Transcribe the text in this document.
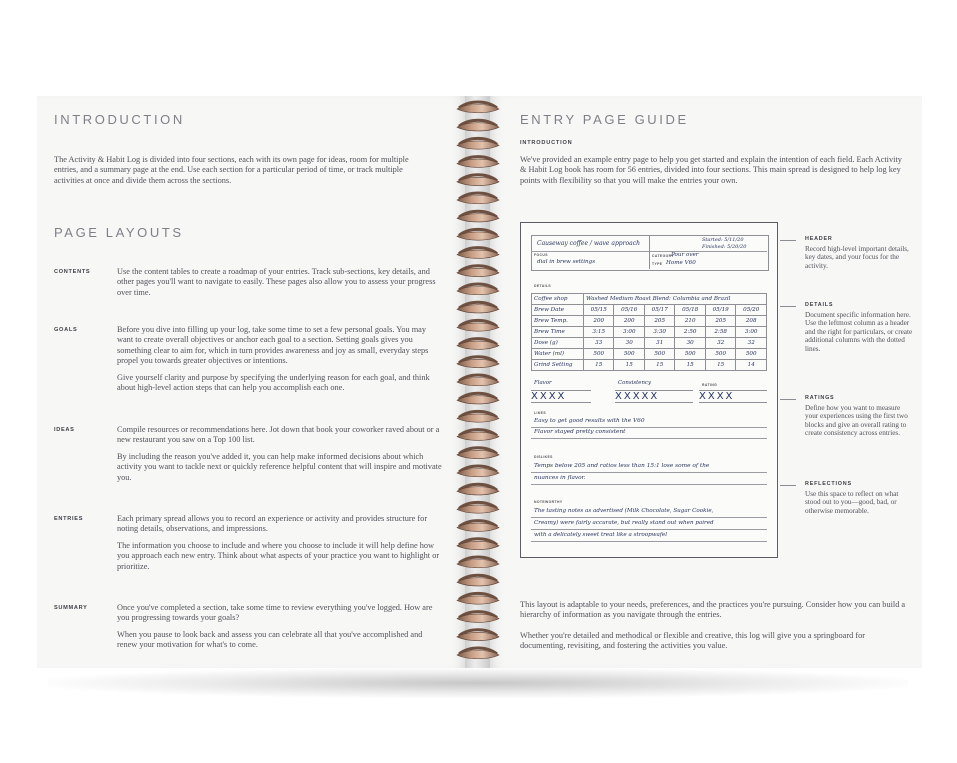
INTRODUCTION

The Activity & Habit Log is divided into four sections, each with its own page for ideas, room for multiple entries, and a summary page at the end. Use each section for a particular period of time, or track multiple activities at once and divide them across the sections.

PAGE LAYOUTS
CONTENTS	Use the content tables to create a roadmap of your entries. Track sub-sections, key details, and other pages you'll want to navigate to easily. These pages also allow you to assess your progress over time.

GOALS	Before you dive into filling up your log, take some time to set a few personal goals. You may want to create overall objectives or anchor each goal to a section. Setting goals gives you something clear to aim for, which in turn provides awareness and joy as small, everyday steps propel you towards greater objectives or intentions.

Give yourself clarity and purpose by specifying the underlying reason for each goal, and think about high-level action steps that can help you accomplish each one.

IDEAS	Compile resources or recommendations here. Jot down that book your coworker raved about or a new restaurant you saw on a Top 100 list.

By including the reason you've added it, you can help make informed decisions about which activity you want to tackle next or quickly reference helpful content that will inspire and motivate you.

ENTRIES	Each primary spread allows you to record an experience or activity and provides structure for noting details, observations, and impressions.

The information you choose to include and where you choose to include it will help define how you approach each new entry. Think about what aspects of your practice you want to highlight or prioritize.

SUMMARY	Once you've completed a section, take some time to review everything you've logged. How are you progressing towards your goals?

When you pause to look back and assess you can celebrate all that you've accomplished and renew your motivation for what's to come.

ENTRY PAGE GUIDE
INTRODUCTION

We've provided an example entry page to help you get started and explain the intention of each field. Each Activity & Habit Log book has room for 56 entries, divided into four sections. This main spread is designed to help log key points with flexibility so that you will make the entries your own.

Causeway coffee / wave approach	Started: 5/11/20
Finished: 5/20/20
FOCUS
dial in brew settings
CATEGORY
Pour over
TYPE Home V60
DETAILS
Coffee shop	Washed Medium Roast Blend: Columbia and Brazil					
Brew Date	05/15	05/16	05/17	05/18	05/19	05/20
Brew Temp.	200	200	205	210	205	208
Brew Time	3:15	3:00	3:30	2:50	2:58	3:00
Dose (g)	33	30	31	30	32	32
Water (ml)	500	500	500	500	500	500
Grind Setting	15	15	15	15	15	14
Flavor
XXXX
Consistency
XXXXX
RATING
XXXX
LIKES
Easy to get good results with the V60
Flavor stayed pretty consistent
DISLIKES
Temps below 205 and ratios less than 15:1 lose some of the
nuances in flavor.
NOTEWORTHY
The tasting notes as advertised (Milk Chocolate, Sugar Cookie,
Creamy) were fairly accurate, but really stand out when paired
with a delicately sweet treat like a stroopwafel
HEADER
Record high-level important details, key dates, and your focus for the activity.
DETAILS
Document specific information here. Use the leftmost column as a header and the right for particulars, or create additional columns with the dotted lines.
RATINGS
Define how you want to measure your experiences using the first two blocks and give an overall rating to create consistency across entries.
REFLECTIONS
Use this space to reflect on what stood out to you—good, bad, or otherwise memorable.

This layout is adaptable to your needs, preferences, and the practices you're pursuing. Consider how you can build a hierarchy of information as you navigate through the entries.

Whether you're detailed and methodical or flexible and creative, this log will give you a springboard for documenting, revisiting, and fostering the activities you value.
